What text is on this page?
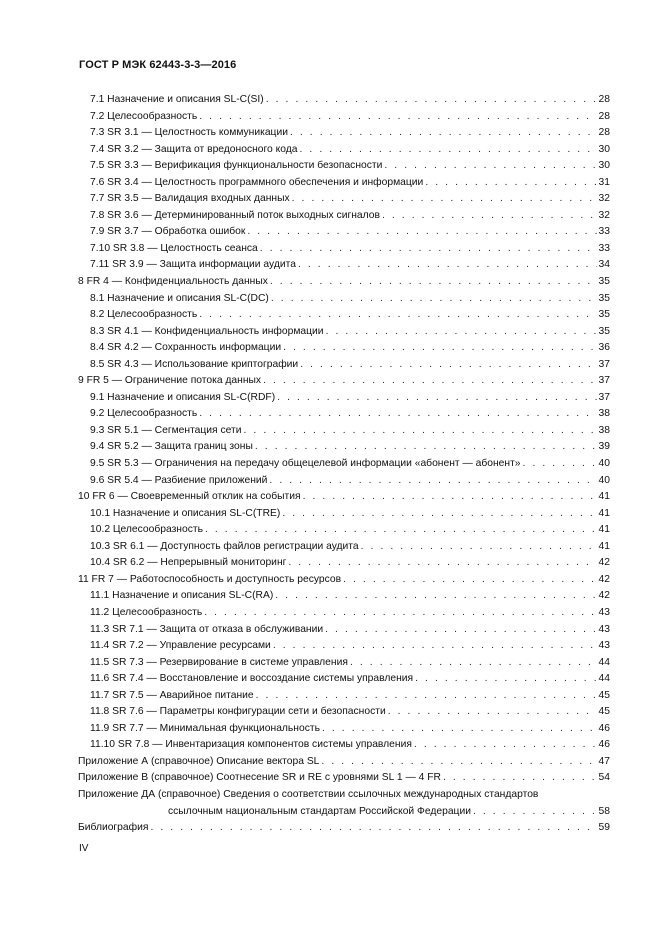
ГОСТ Р МЭК 62443-3-3—2016
7.1 Назначение и описания SL-C(SI) . . .	28
7.2 Целесообразность . . .	28
7.3 SR 3.1 — Целостность коммуникации . . .	28
7.4 SR 3.2 — Защита от вредоносного кода . . .	30
7.5 SR 3.3 — Верификация функциональности безопасности . . .	30
7.6 SR 3.4 — Целостность программного обеспечения и информации . . .	31
7.7 SR 3.5 — Валидация входных данных . . .	32
7.8 SR 3.6 — Детерминированный поток выходных сигналов . . .	32
7.9 SR 3.7 — Обработка ошибок . . .	33
7.10 SR 3.8 — Целостность сеанса . . .	33
7.11 SR 3.9 — Защита информации аудита . . .	34
8 FR 4 — Конфиденциальность данных . . .	35
8.1 Назначение и описания SL-C(DC) . . .	35
8.2 Целесообразность . . .	35
8.3 SR 4.1 — Конфиденциальность информации . . .	35
8.4 SR 4.2 — Сохранность информации . . .	36
8.5 SR 4.3 — Использование криптографии . . .	37
9 FR 5 — Ограничение потока данных . . .	37
9.1 Назначение и описания SL-C(RDF) . . .	37
9.2 Целесообразность . . .	38
9.3 SR 5.1 — Сегментация сети . . .	38
9.4 SR 5.2 — Защита границ зоны . . .	39
9.5 SR 5.3 — Ограничения на передачу общецелевой информации «абонент — абонент» . . .	40
9.6 SR 5.4 — Разбиение приложений . . .	40
10 FR 6 — Своевременный отклик на события . . .	41
10.1 Назначение и описания SL-C(TRE) . . .	41
10.2 Целесообразность . . .	41
10.3 SR 6.1 — Доступность файлов регистрации аудита . . .	41
10.4 SR 6.2 — Непрерывный мониторинг . . .	42
11 FR 7 — Работоспособность и доступность ресурсов . . .	42
11.1 Назначение и описания SL-C(RA) . . .	42
11.2 Целесообразность . . .	43
11.3 SR 7.1 — Защита от отказа в обслуживании . . .	43
11.4 SR 7.2 — Управление ресурсами . . .	43
11.5 SR 7.3 — Резервирование в системе управления . . .	44
11.6 SR 7.4 — Восстановление и воссоздание системы управления . . .	44
11.7 SR 7.5 — Аварийное питание . . .	45
11.8 SR 7.6 — Параметры конфигурации сети и безопасности . . .	45
11.9 SR 7.7 — Минимальная функциональность . . .	46
11.10 SR 7.8 — Инвентаризация компонентов системы управления . . .	46
Приложение А (справочное) Описание вектора SL . . .	47
Приложение В (справочное) Соотнесение SR и RE с уровнями SL 1 — 4 FR . . .	54
Приложение ДА (справочное) Сведения о соответствии ссылочных международных стандартов
ссылочным национальным стандартам Российской Федерации . . .	58
Библиография . . .	59
IV
